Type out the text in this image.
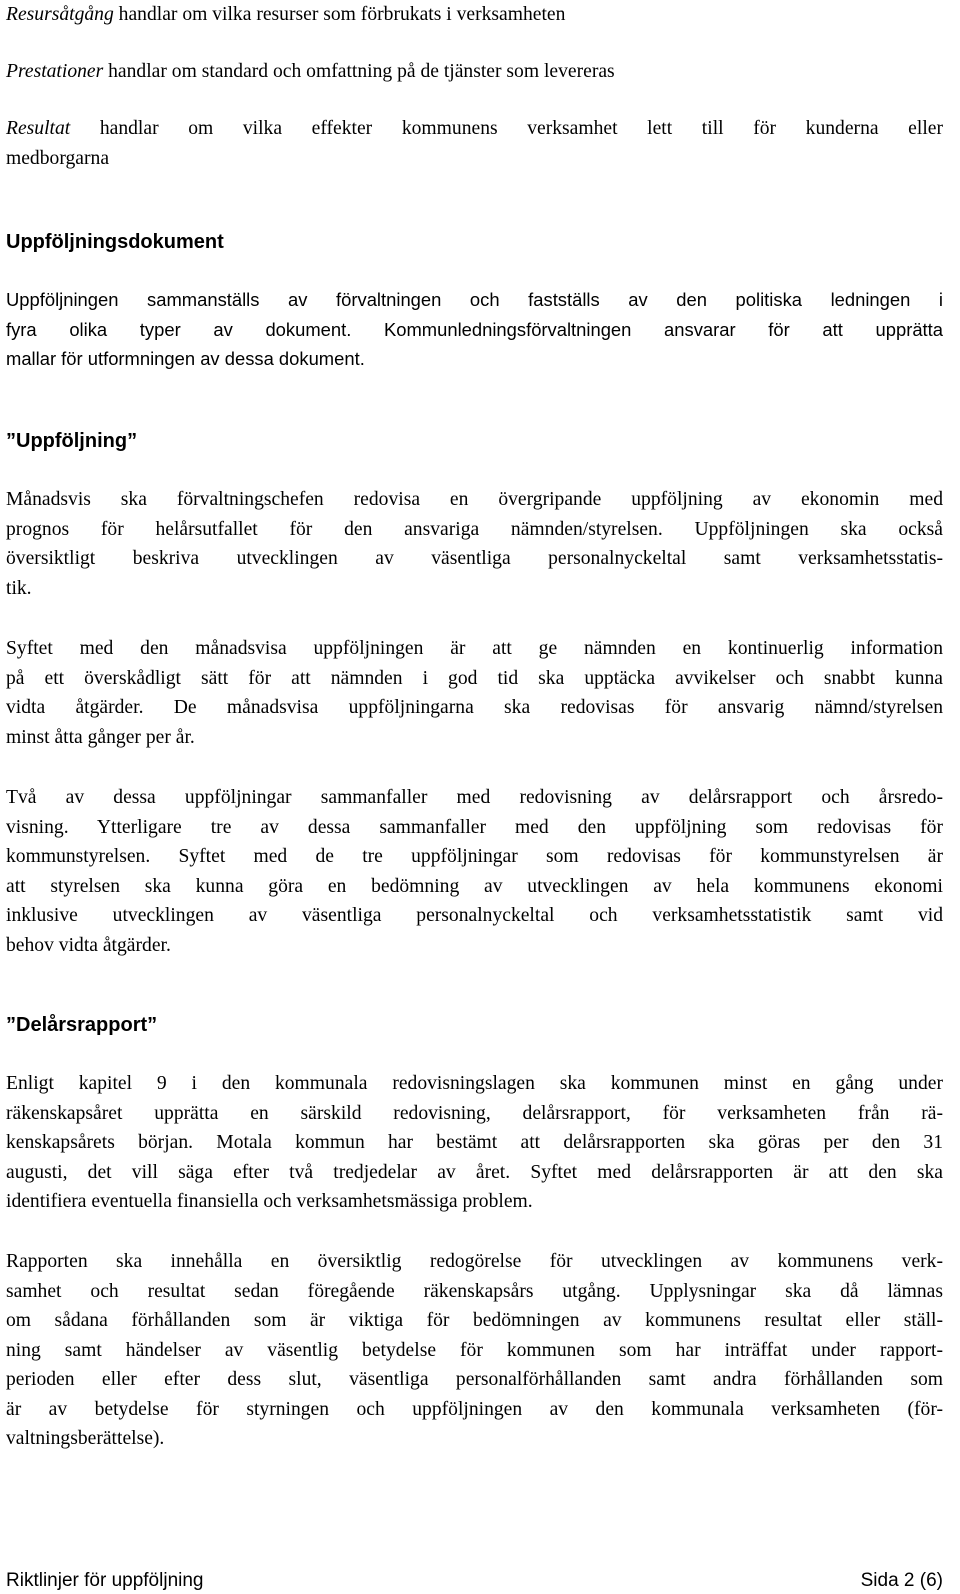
Resursåtgång handlar om vilka resurser som förbrukats i verksamheten

Prestationer handlar om standard och omfattning på de tjänster som levereras

Resultat handlar om vilka effekter kommunens verksamhet lett till för kunderna eller
medborgarna

Uppföljningsdokument

Uppföljningen sammanställs av förvaltningen och fastställs av den politiska ledningen i
fyra olika typer av dokument. Kommunledningsförvaltningen ansvarar för att upprätta
mallar för utformningen av dessa dokument.

”Uppföljning”

Månadsvis ska förvaltningschefen redovisa en övergripande uppföljning av ekonomin med
prognos för helårsutfallet för den ansvariga nämnden/styrelsen. Uppföljningen ska också
översiktligt beskriva utvecklingen av väsentliga personalnyckeltal samt verksamhetsstatis-
tik.

Syftet med den månadsvisa uppföljningen är att ge nämnden en kontinuerlig information
på ett överskådligt sätt för att nämnden i god tid ska upptäcka avvikelser och snabbt kunna
vidta åtgärder. De månadsvisa uppföljningarna ska redovisas för ansvarig nämnd/styrelsen
minst åtta gånger per år.

Två av dessa uppföljningar sammanfaller med redovisning av delårsrapport och årsredo-
visning. Ytterligare tre av dessa sammanfaller med den uppföljning som redovisas för
kommunstyrelsen. Syftet med de tre uppföljningar som redovisas för kommunstyrelsen är
att styrelsen ska kunna göra en bedömning av utvecklingen av hela kommunens ekonomi
inklusive utvecklingen av väsentliga personalnyckeltal och verksamhetsstatistik samt vid
behov vidta åtgärder.

”Delårsrapport”

Enligt kapitel 9 i den kommunala redovisningslagen ska kommunen minst en gång under
räkenskapsåret upprätta en särskild redovisning, delårsrapport, för verksamheten från rä-
kenskapsårets början. Motala kommun har bestämt att delårsrapporten ska göras per den 31
augusti, det vill säga efter två tredjedelar av året. Syftet med delårsrapporten är att den ska
identifiera eventuella finansiella och verksamhetsmässiga problem.

Rapporten ska innehålla en översiktlig redogörelse för utvecklingen av kommunens verk-
samhet och resultat sedan föregående räkenskapsårs utgång. Upplysningar ska då lämnas
om sådana förhållanden som är viktiga för bedömningen av kommunens resultat eller ställ-
ning samt händelser av väsentlig betydelse för kommunen som har inträffat under rapport-
perioden eller efter dess slut, väsentliga personalförhållanden samt andra förhållanden som
är av betydelse för styrningen och uppföljningen av den kommunala verksamheten (för-
valtningsberättelse).

Riktlinjer för uppföljning	Sida 2 (6)
